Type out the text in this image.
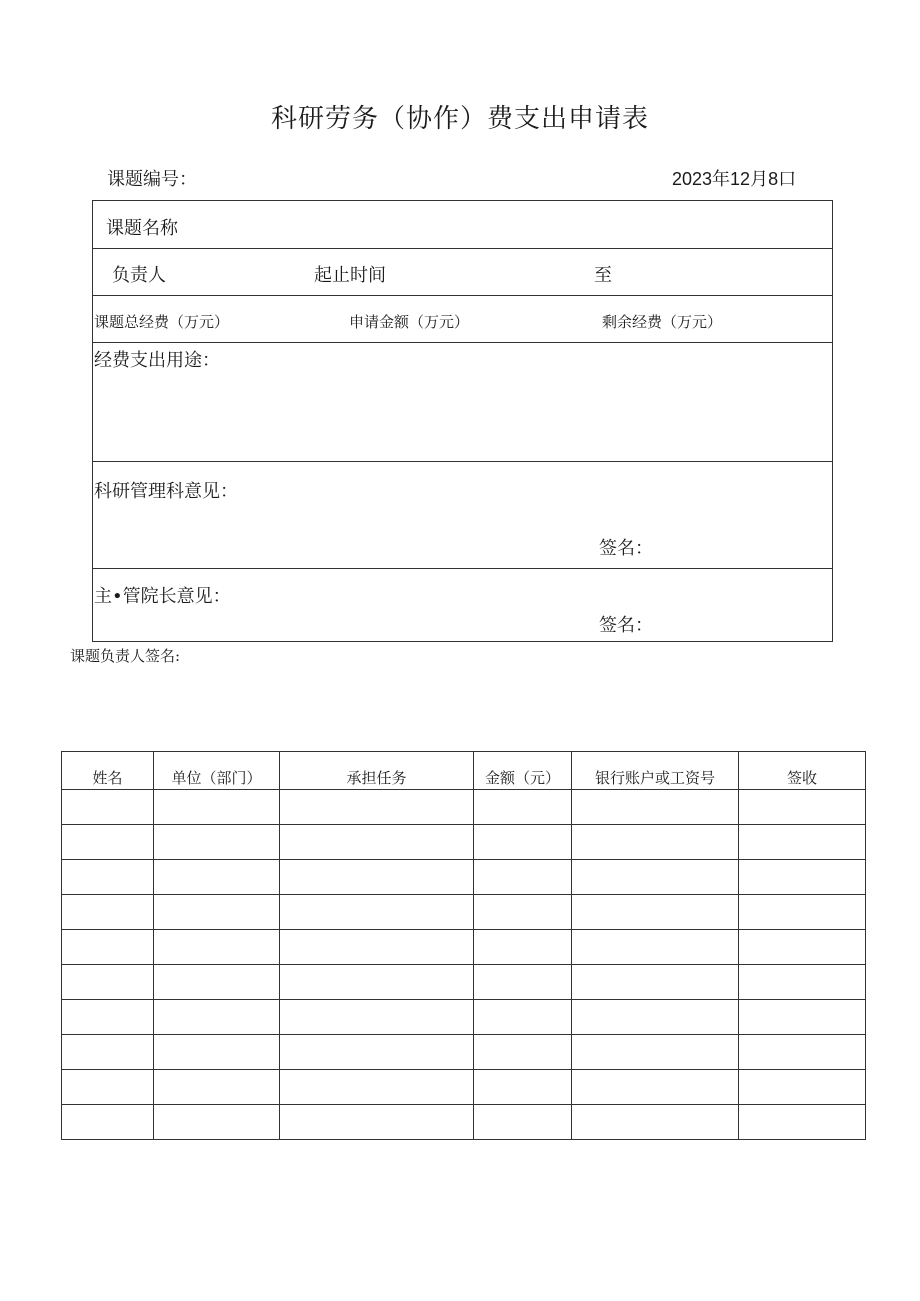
科研劳务（协作）费支出申请表
课题编号：	2023年12月8口
课题名称
负责人	起止时间	至
课题总经费（万元）	申请金额（万元）	剩余经费（万元）
经费支出用途：
科研管理科意见：
签名：
主•管院长意见：
签名：
课题负责人签名:
姓名	单位（部门）	承担任务	金额（元）	银行账户或工资号	签收
